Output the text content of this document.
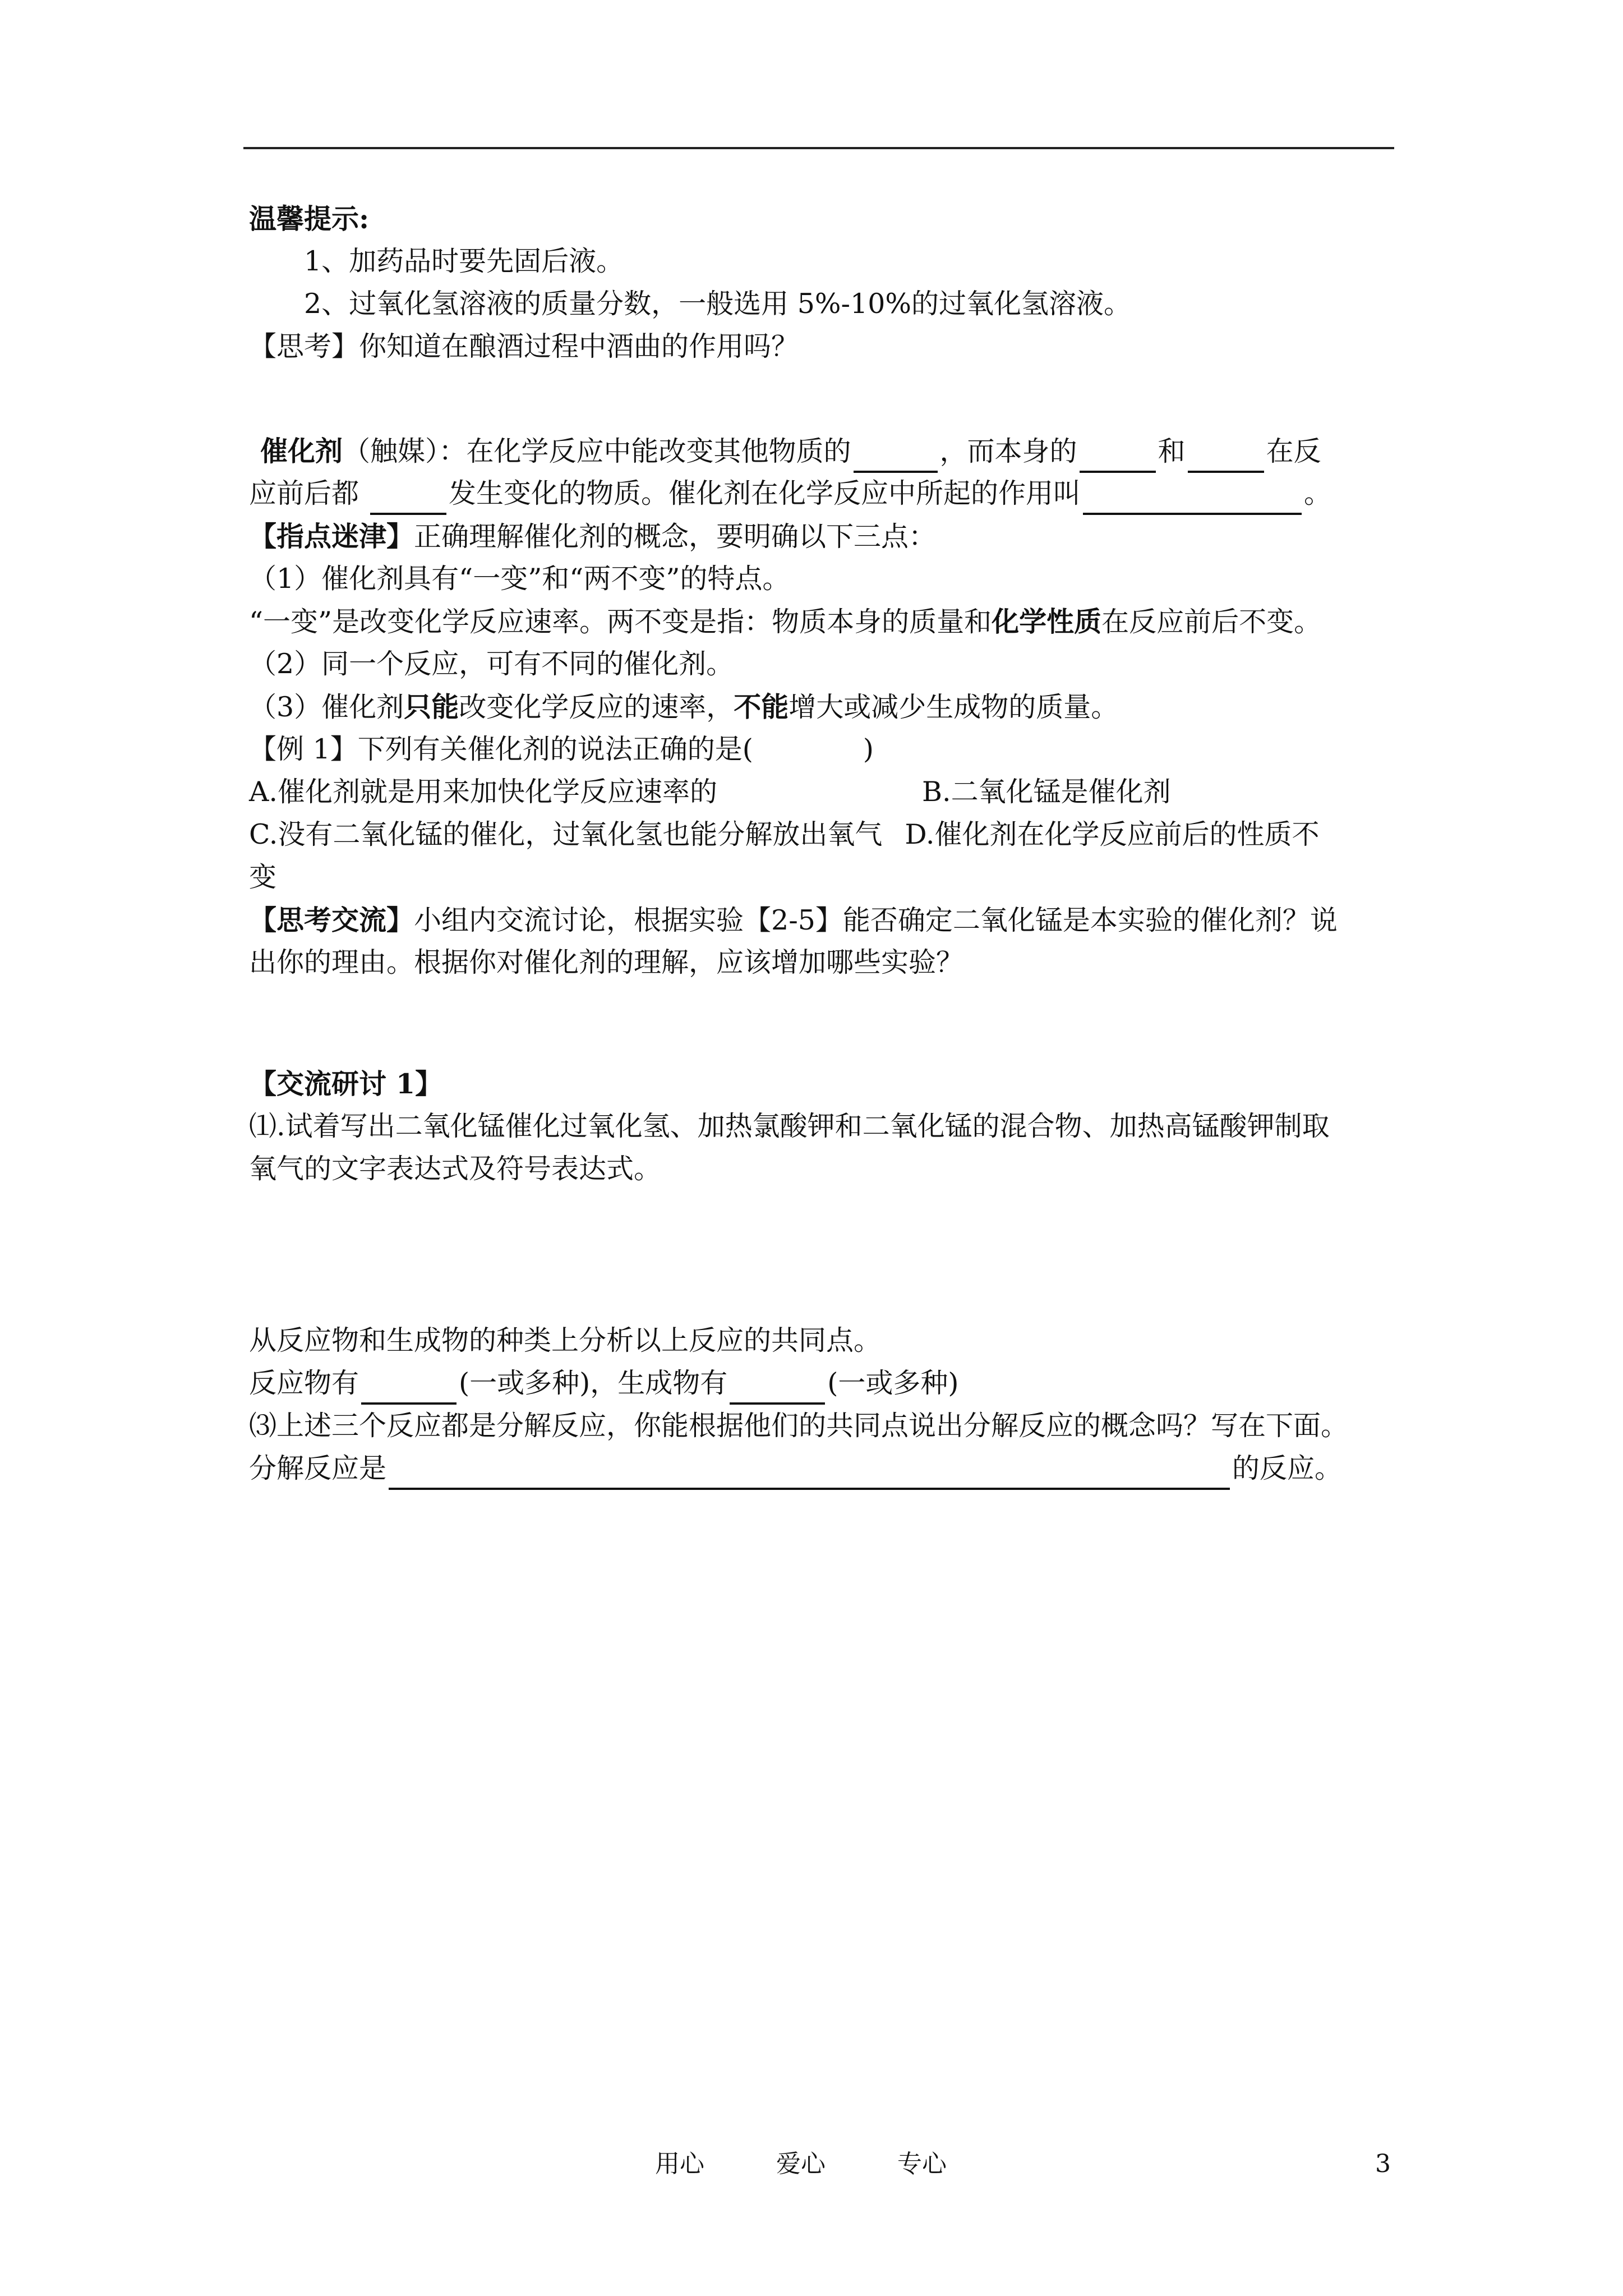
温馨提示:
1、加药品时要先固后液。
2、过氧化氢溶液的质量分数，一般选用 5%-10%的过氧化氢溶液。
【思考】你知道在酿酒过程中酒曲的作用吗？
催化剂（触媒）：在化学反应中能改变其他物质的	，而本身的	和	在反
应前后都	发生变化的物质。催化剂在化学反应中所起的作用叫	。
【指点迷津】正确理解催化剂的概念，要明确以下三点：
（1）催化剂具有“一变”和“两不变”的特点。
“一变”是改变化学反应速率。两不变是指：物质本身的质量和化学性质在反应前后不变。
（2）同一个反应，可有不同的催化剂。
（3）催化剂只能改变化学反应的速率，不能增大或减少生成物的质量。
【例 1】下列有关催化剂的说法正确的是(	)
A.催化剂就是用来加快化学反应速率的	B.二氧化锰是催化剂
C.没有二氧化锰的催化，过氧化氢也能分解放出氧气 D.催化剂在化学反应前后的性质不
变
【思考交流】小组内交流讨论，根据实验【2-5】能否确定二氧化锰是本实验的催化剂？说
出你的理由。根据你对催化剂的理解，应该增加哪些实验？
【交流研讨 1】
⑴.试着写出二氧化锰催化过氧化氢、加热氯酸钾和二氧化锰的混合物、加热高锰酸钾制取
氧气的文字表达式及符号表达式。
从反应物和生成物的种类上分析以上反应的共同点。
反应物有	(一或多种)，生成物有	(一或多种)
⑶上述三个反应都是分解反应，你能根据他们的共同点说出分解反应的概念吗？写在下面。
分解反应是	的反应。
用心	爱心	专心	3
